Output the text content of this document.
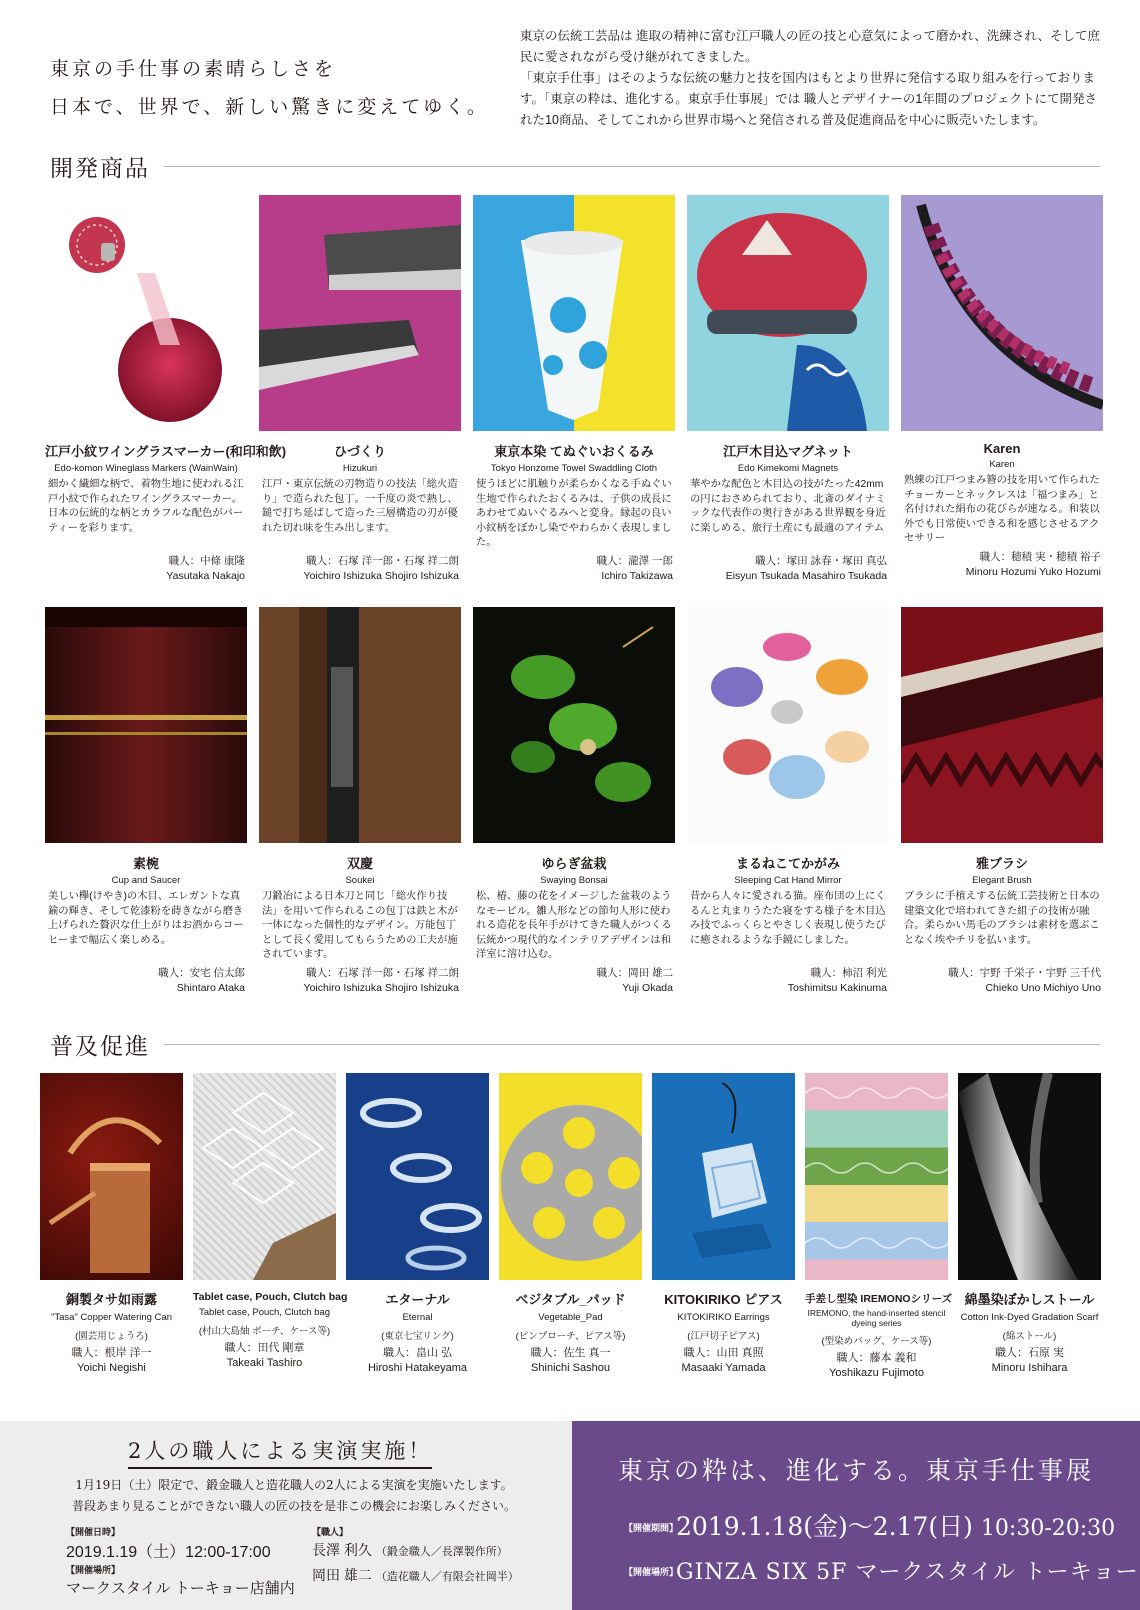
東京の手仕事の素晴らしさを
日本で、世界で、新しい驚きに変えてゆく。

東京の伝統工芸品は 進取の精神に富む江戸職人の匠の技と心意気によって磨かれ、洗練され、そして庶民に愛されながら受け継がれてきました。

「東京手仕事」はそのような伝統の魅力と技を国内はもとより世界に発信する取り組みを行っております。「東京の粋は、進化する。東京手仕事展」では 職人とデザイナーの1年間のプロジェクトにて開発された10商品、そしてこれから世界市場へと発信される普及促進商品を中心に販売いたします。

開発商品
江戸小紋ワイングラスマーカー(和印和飲)
Edo-komon Wineglass Markers (WainWain)
細かく繊細な柄で、着物生地に使われる江戸小紋で作られたワイングラスマーカー。日本の伝統的な柄とカラフルな配色がパーティーを彩ります。
職人：中條 康隆
Yasutaka Nakajo
ひづくり
Hizukuri
江戸・東京伝統の刃物造りの技法「総火造り」で造られた包丁。一千度の炎で熱し、鎚で打ち延ばして造った三層構造の刃が優れた切れ味を生み出します。
職人：石塚 洋一郎・石塚 祥二朗
Yoichiro Ishizuka Shojiro Ishizuka
東京本染 てぬぐいおくるみ
Tokyo Honzome Towel Swaddling Cloth
使うほどに肌触りが柔らかくなる手ぬぐい生地で作られたおくるみは、子供の成長にあわせてぬいぐるみへと変身。縁起の良い小紋柄をぼかし染でやわらかく表現しました。
職人：瀧澤 一郎
Ichiro Takizawa
江戸木目込マグネット
Edo Kimekomi Magnets
華やかな配色と木目込の技がたった42mmの円におさめられており、北斎のダイナミックな代表作の奥行きがある世界観を身近に楽しめる、旅行土産にも最適のアイテム
職人：塚田 詠春・塚田 真弘
Eisyun Tsukada Masahiro Tsukada
Karen
Karen
熟練の江戸つまみ簪の技を用いて作られたチョーカーとネックレスは「福つまみ」と名付けれた絹布の花びらが連なる。和装以外でも日常使いできる和を感じさせるアクセサリー
職人：穂積 実・穂積 裕子
Minoru Hozumi Yuko Hozumi
素椀
Cup and Saucer
美しい欅(けやき)の木目、エレガントな真鍮の輝き、そして乾漆粉を蒔きながら磨き上げられた贅沢な仕上がりはお酒からコーヒーまで幅広く楽しめる。
職人：安宅 信太郎
Shintaro Ataka
双慶
Soukei
刀鍛冶による日本刀と同じ「総火作り技法」を用いて作られるこの包丁は鉄と木が一体になった個性的なデザイン。万能包丁として長く愛用してもらうための工夫が施されています。
職人：石塚 洋一郎・石塚 祥二朗
Yoichiro Ishizuka Shojiro Ishizuka
ゆらぎ盆栽
Swaying Bonsai
松、椿、藤の花をイメージした盆栽のようなモービル。雛人形などの節句人形に使われる造花を長年手がけてきた職人がつくる伝統かつ現代的なインテリアデザインは和洋室に溶け込む。
職人：岡田 雄二
Yuji Okada
まるねこてかがみ
Sleeping Cat Hand Mirror
昔から人々に愛される猫。座布団の上にくるんと丸まりうたた寝をする様子を木目込み技でふっくらとやさしく表現し使うたびに癒されるような手鏡にしました。
職人：柿沼 利光
Toshimitsu Kakinuma
雅ブラシ
Elegant Brush
ブラシに手植えする伝統工芸技術と日本の建築文化で培われてきた組子の技術が融合。柔らかい馬毛のブラシは素材を選ぶことなく埃やチリを払います。
職人：宇野 千栄子・宇野 三千代
Chieko Uno Michiyo Uno
普及促進
銅製タサ如雨露
"Tasa" Copper Watering Can
(園芸用じょうろ)
職人：根岸 洋一
Yoichi Negishi
Tablet case, Pouch, Clutch bag
Tablet case, Pouch, Clutch bag
(村山大島紬 ポーチ、ケース等)
職人：田代 剛章
Takeaki Tashiro
エターナル
Eternal
(東京七宝リング)
職人：畠山 弘
Hiroshi Hatakeyama
ベジタブル_パッド
Vegetable_Pad
(ピンブローチ、ピアス等)
職人：佐生 真一
Shinichi Sashou
KITOKIRIKO ピアス
KITOKIRIKO Earrings
(江戸切子ピアス)
職人：山田 真照
Masaaki Yamada
手差し型染 IREMONOシリーズ
IREMONO, the hand-inserted stencil dyeing series
(型染めバッグ、ケース等)
職人：藤本 義和
Yoshikazu Fujimoto
綿墨染ぼかしストール
Cotton Ink-Dyed Gradation Scarf
(綿ストール)
職人：石原 実
Minoru Ishihara
2人の職人による実演実施！
1月19日（土）限定で、鍛金職人と造花職人の2人による実演を実施いたします。
普段あまり見ることができない職人の匠の技を是非この機会にお楽しみください。
【開催日時】
2019.1.19（土）12:00-17:00
【開催場所】
マークスタイル トーキョー店舗内
【職人】
長澤 利久 （鍛金職人／長澤製作所）
岡田 雄二 （造花職人／有限会社岡半）
東京の粋は、進化する。東京手仕事展
【開催期間】
2019.1.18(金)〜2.17(日) 10:30-20:30
【開催場所】
GINZA SIX 5F マークスタイル トーキョー
